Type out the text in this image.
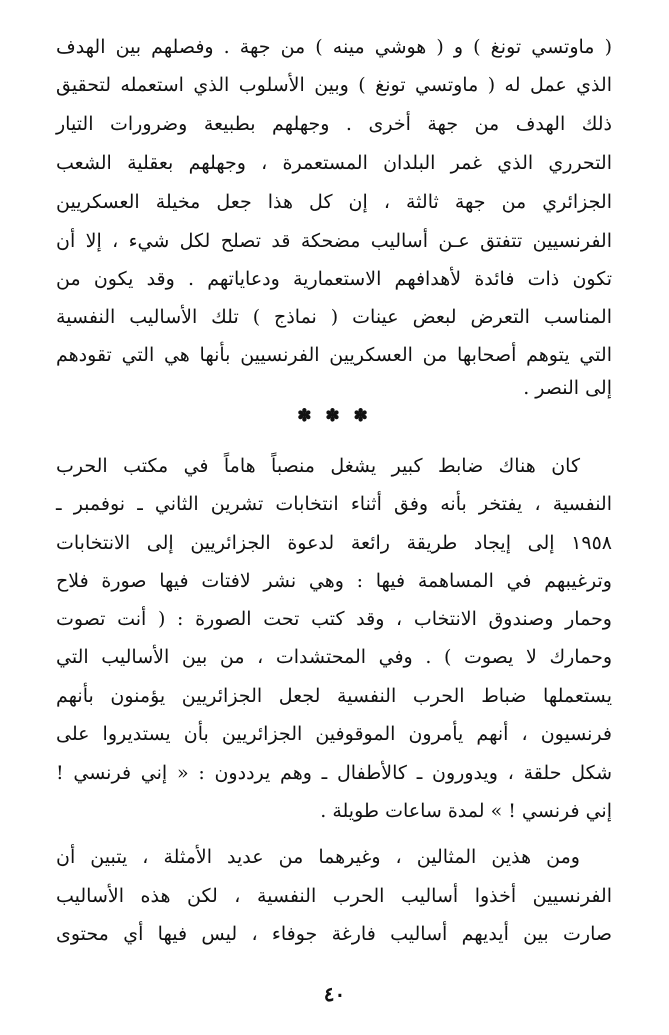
( ماوتسي تونغ ) و ( هوشي مينه ) من جهة . وفصلهم بين الهدف
الذي عمل له ( ماوتسي تونغ ) وبين الأسلوب الذي استعمله لتحقيق
ذلك الهدف من جهة أخرى . وجهلهم بطبيعة وضرورات التيار
التحرري الذي غمر البلدان المستعمرة ، وجهلهم بعقلية الشعب
الجزائري من جهة ثالثة ، إن كل هذا جعل مخيلة العسكريين
الفرنسيين تتفتق عـن أساليب مضحكة قد تصلح لكل شيء ، إلا أن
تكون ذات فائدة لأهدافهم الاستعمارية ودعاياتهم . وقد يكون من
المناسب التعرض لبعض عينات ( نماذج ) تلك الأساليب النفسية
التي يتوهم أصحابها من العسكريين الفرنسيين بأنها هي التي تقودهم
إلى النصر .
✽ ✽ ✽
كان هناك ضابط كبير يشغل منصباً هاماً في مكتب الحرب
النفسية ، يفتخر بأنه وفق أثناء انتخابات تشرين الثاني ـ نوفمبر ـ
١٩٥٨ إلى إيجاد طريقة رائعة لدعوة الجزائريين إلى الانتخابات
وترغيبهم في المساهمة فيها : وهي نشر لافتات فيها صورة فلاح
وحمار وصندوق الانتخاب ، وقد كتب تحت الصورة : ( أنت تصوت
وحمارك لا يصوت ) . وفي المحتشدات ، من بين الأساليب التي
يستعملها ضباط الحرب النفسية لجعل الجزائريين يؤمنون بأنهم
فرنسيون ، أنهم يأمرون الموقوفين الجزائريين بأن يستديروا على
شكل حلقة ، ويدورون ـ كالأطفال ـ وهم يرددون : « إني فرنسي !
إني فرنسي ! » لمدة ساعات طويلة .
ومن هذين المثالين ، وغيرهما من عديد الأمثلة ، يتبين أن
الفرنسيين أخذوا أساليب الحرب النفسية ، لكن هذه الأساليب
صارت بين أيديهم أساليب فارغة جوفاء ، ليس فيها أي محتوى
٤٠
